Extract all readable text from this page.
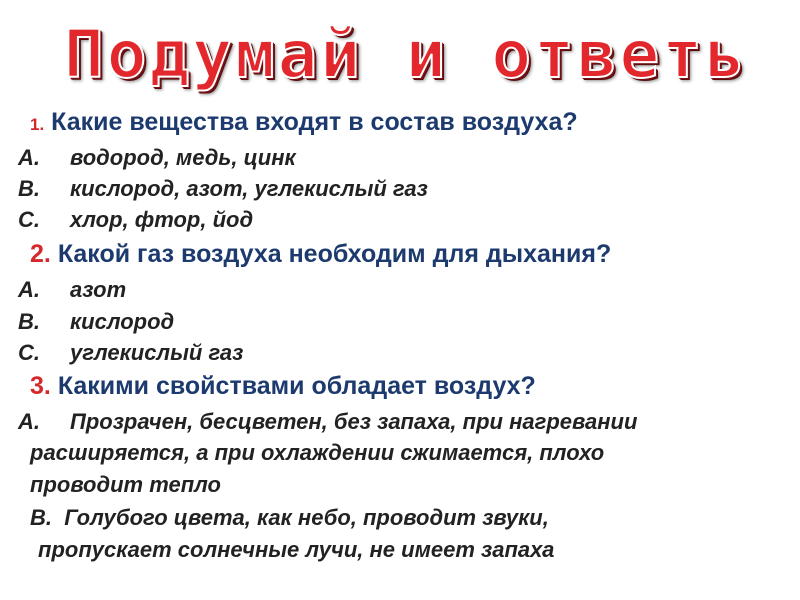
Подумай и ответь
1. Какие вещества входят в состав воздуха?
A. водород, медь, цинк
B. кислород, азот, углекислый газ
C. хлор, фтор, йод
2. Какой газ воздуха необходим для дыхания?
A. азот
B. кислород
C. углекислый газ
3. Какими свойствами обладает воздух?
A. Прозрачен, бесцветен, без запаха, при нагревании
расширяется, а при охлаждении сжимается, плохо
проводит тепло
B. Голубого цвета, как небо, проводит звуки,
пропускает солнечные лучи, не имеет запаха
